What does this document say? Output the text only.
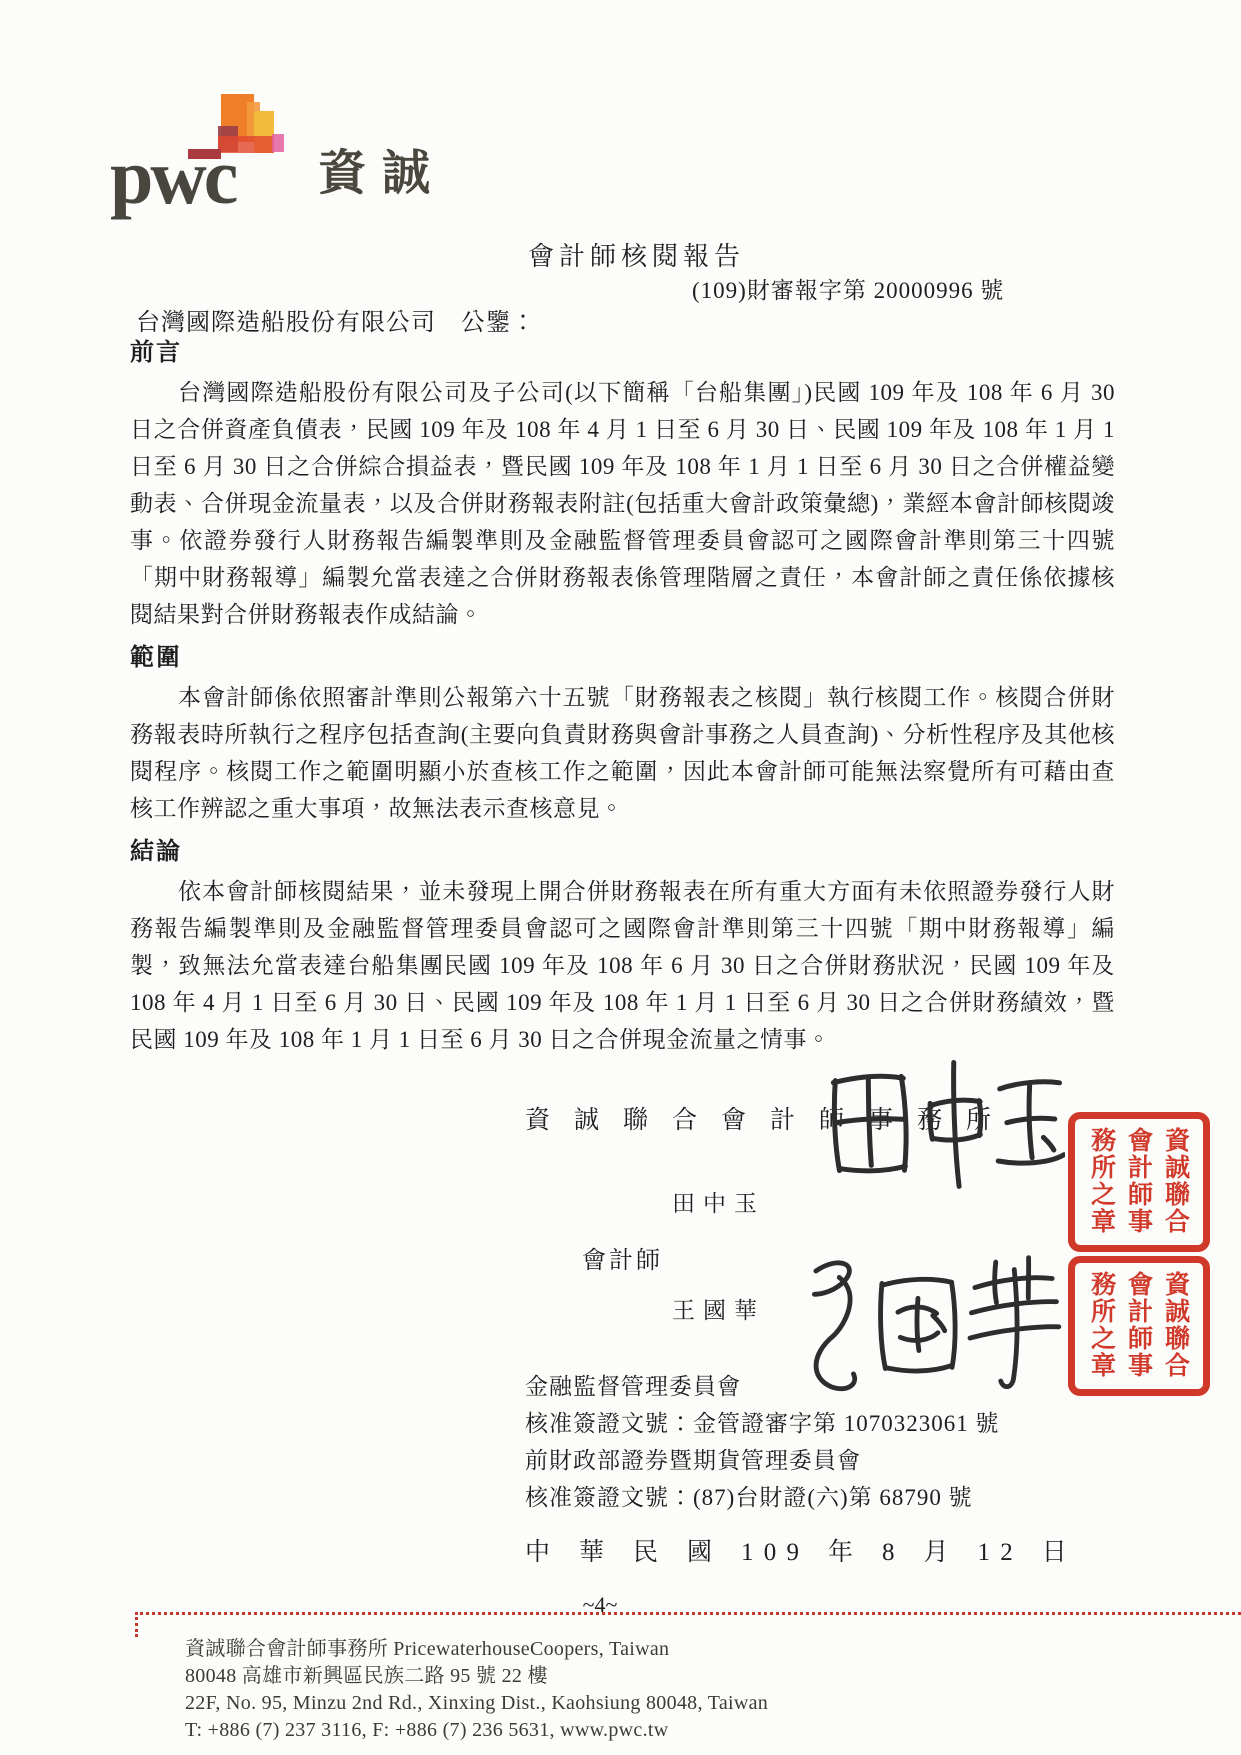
pwc 資誠
會計師核閱報告
(109)財審報字第 20000996 號
台灣國際造船股份有限公司　公鑒：
前言

台灣國際造船股份有限公司及子公司(以下簡稱「台船集團」)民國 109 年及 108 年 6 月 30 日之合併資產負債表，民國 109 年及 108 年 4 月 1 日至 6 月 30 日、民國 109 年及 108 年 1 月 1 日至 6 月 30 日之合併綜合損益表，暨民國 109 年及 108 年 1 月 1 日至 6 月 30 日之合併權益變動表、合併現金流量表，以及合併財務報表附註(包括重大會計政策彙總)，業經本會計師核閱竣事。依證券發行人財務報告編製準則及金融監督管理委員會認可之國際會計準則第三十四號「期中財務報導」編製允當表達之合併財務報表係管理階層之責任，本會計師之責任係依據核閱結果對合併財務報表作成結論。

範圍

本會計師係依照審計準則公報第六十五號「財務報表之核閱」執行核閱工作。核閱合併財務報表時所執行之程序包括查詢(主要向負責財務與會計事務之人員查詢)、分析性程序及其他核閱程序。核閱工作之範圍明顯小於查核工作之範圍，因此本會計師可能無法察覺所有可藉由查核工作辨認之重大事項，故無法表示查核意見。

結論

依本會計師核閱結果，並未發現上開合併財務報表在所有重大方面有未依照證券發行人財務報告編製準則及金融監督管理委員會認可之國際會計準則第三十四號「期中財務報導」編製，致無法允當表達台船集團民國 109 年及 108 年 6 月 30 日之合併財務狀況，民國 109 年及 108 年 4 月 1 日至 6 月 30 日、民國 109 年及 108 年 1 月 1 日至 6 月 30 日之合併財務績效，暨民國 109 年及 108 年 1 月 1 日至 6 月 30 日之合併現金流量之情事。

資誠聯合會計師事務所
田中玉
會計師
王國華
資誠聯合會計師事務所之章
資誠聯合會計師事務所之章
金融監督管理委員會
核准簽證文號：金管證審字第 1070323061 號
前財政部證券暨期貨管理委員會
核准簽證文號：(87)台財證(六)第 68790 號
中　華　民　國　1 0 9　年　8　月　1 2　日
~4~
資誠聯合會計師事務所 PricewaterhouseCoopers, Taiwan
80048 高雄市新興區民族二路 95 號 22 樓
22F, No. 95, Minzu 2nd Rd., Xinxing Dist., Kaohsiung 80048, Taiwan
T: +886 (7) 237 3116, F: +886 (7) 236 5631, www.pwc.tw
